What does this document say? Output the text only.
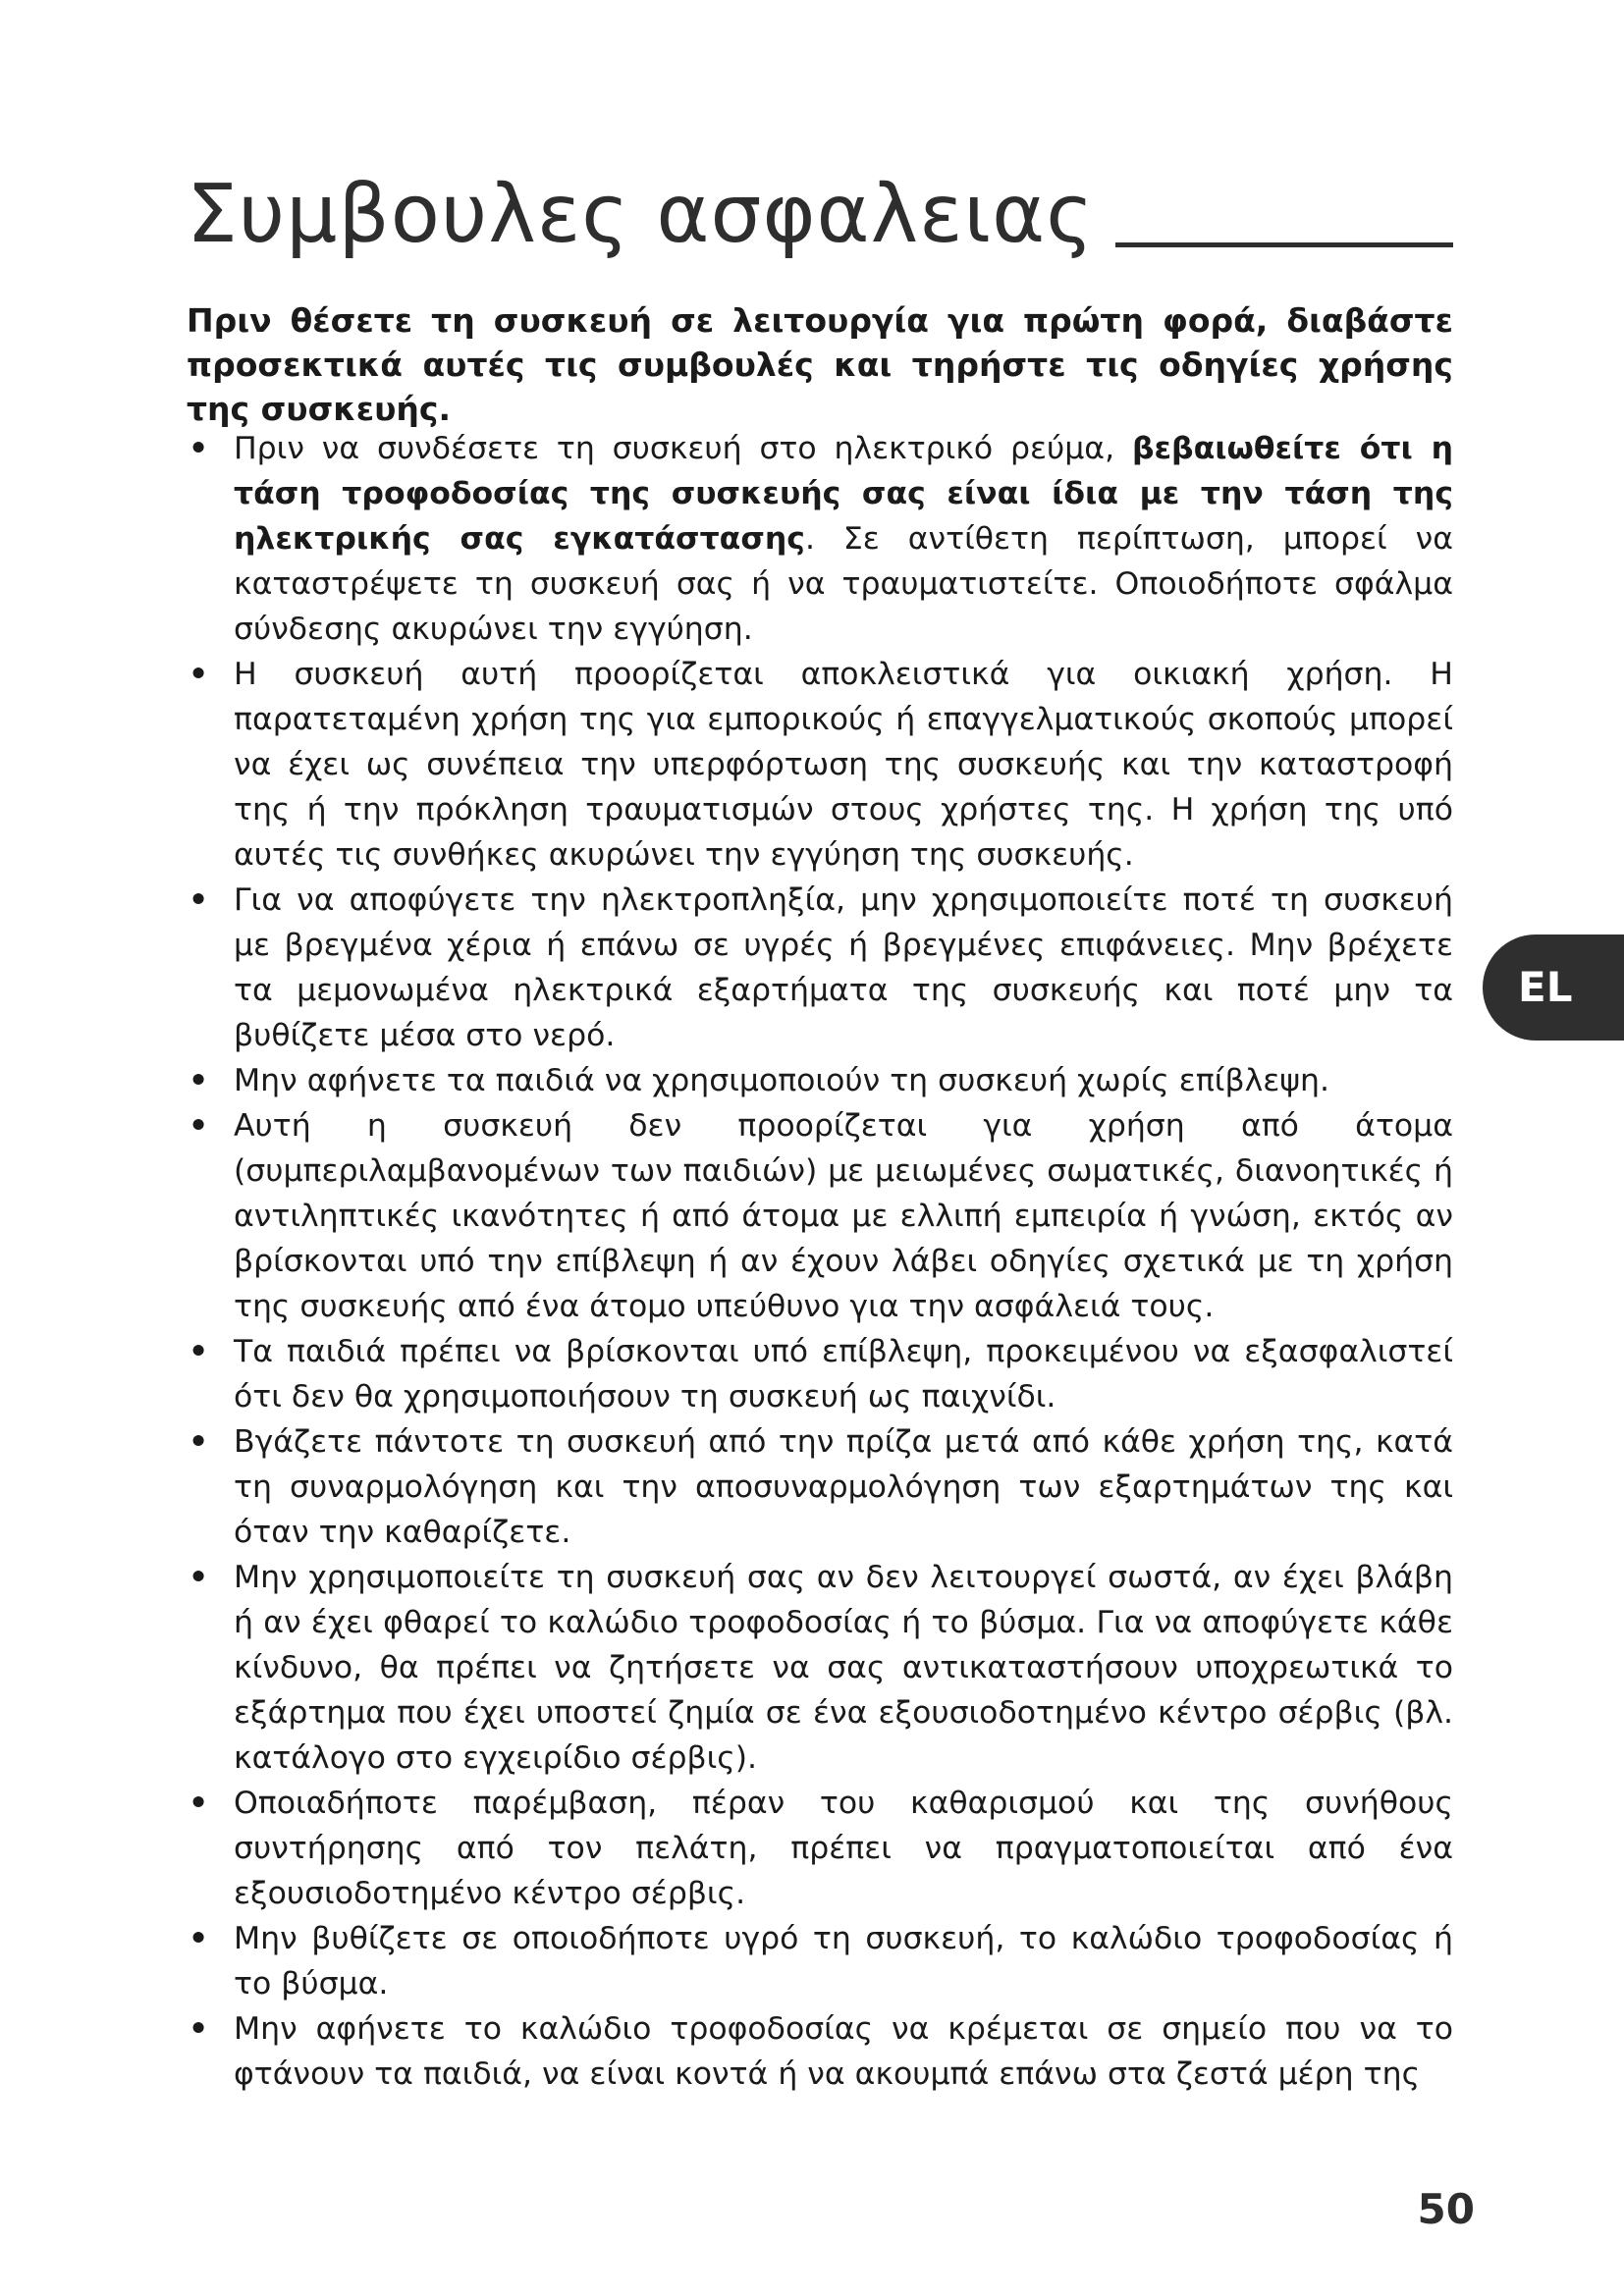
Συμβουλες ασφαλειας

Πριν θέσετε τη συσκευή σε λειτουργία για πρώτη φορά, διαβάστε προσεκτικά αυτές τις συμβουλές και τηρήστε τις οδηγίες χρήσης της συσκευής.

• Πριν να συνδέσετε τη συσκευή στο ηλεκτρικό ρεύμα, βεβαιωθείτε ότι η τάση τροφοδοσίας της συσκευής σας είναι ίδια με την τάση της ηλεκτρικής σας εγκατάστασης. Σε αντίθετη περίπτωση, μπορεί να καταστρέψετε τη συσκευή σας ή να τραυματιστείτε. Οποιοδήποτε σφάλμα σύνδεσης ακυρώνει την εγγύηση.
• Η συσκευή αυτή προορίζεται αποκλειστικά για οικιακή χρήση. Η παρατεταμένη χρήση της για εμπορικούς ή επαγγελματικούς σκοπούς μπορεί να έχει ως συνέπεια την υπερφόρτωση της συσκευής και την καταστροφή της ή την πρόκληση τραυματισμών στους χρήστες της. Η χρήση της υπό αυτές τις συνθήκες ακυρώνει την εγγύηση της συσκευής.
• Για να αποφύγετε την ηλεκτροπληξία, μην χρησιμοποιείτε ποτέ τη συσκευή με βρεγμένα χέρια ή επάνω σε υγρές ή βρεγμένες επιφάνειες. Μην βρέχετε τα μεμονωμένα ηλεκτρικά εξαρτήματα της συσκευής και ποτέ μην τα βυθίζετε μέσα στο νερό.
• Μην αφήνετε τα παιδιά να χρησιμοποιούν τη συσκευή χωρίς επίβλεψη.
• Αυτή η συσκευή δεν προορίζεται για χρήση από άτομα (συμπεριλαμβανομένων των παιδιών) με μειωμένες σωματικές, διανοητικές ή αντιληπτικές ικανότητες ή από άτομα με ελλιπή εμπειρία ή γνώση, εκτός αν βρίσκονται υπό την επίβλεψη ή αν έχουν λάβει οδηγίες σχετικά με τη χρήση της συσκευής από ένα άτομο υπεύθυνο για την ασφάλειά τους.
• Τα παιδιά πρέπει να βρίσκονται υπό επίβλεψη, προκειμένου να εξασφαλιστεί ότι δεν θα χρησιμοποιήσουν τη συσκευή ως παιχνίδι.
• Βγάζετε πάντοτε τη συσκευή από την πρίζα μετά από κάθε χρήση της, κατά τη συναρμολόγηση και την αποσυναρμολόγηση των εξαρτημάτων της και όταν την καθαρίζετε.
• Μην χρησιμοποιείτε τη συσκευή σας αν δεν λειτουργεί σωστά, αν έχει βλάβη ή αν έχει φθαρεί το καλώδιο τροφοδοσίας ή το βύσμα. Για να αποφύγετε κάθε κίνδυνο, θα πρέπει να ζητήσετε να σας αντικαταστήσουν υποχρεωτικά το εξάρτημα που έχει υποστεί ζημία σε ένα εξουσιοδοτημένο κέντρο σέρβις (βλ. κατάλογο στο εγχειρίδιο σέρβις).
• Οποιαδήποτε παρέμβαση, πέραν του καθαρισμού και της συνήθους συντήρησης από τον πελάτη, πρέπει να πραγματοποιείται από ένα εξουσιοδοτημένο κέντρο σέρβις.
• Μην βυθίζετε σε οποιοδήποτε υγρό τη συσκευή, το καλώδιο τροφοδοσίας ή το βύσμα.
• Μην αφήνετε το καλώδιο τροφοδοσίας να κρέμεται σε σημείο που να το φτάνουν τα παιδιά, να είναι κοντά ή να ακουμπά επάνω στα ζεστά μέρη της
EL
50
